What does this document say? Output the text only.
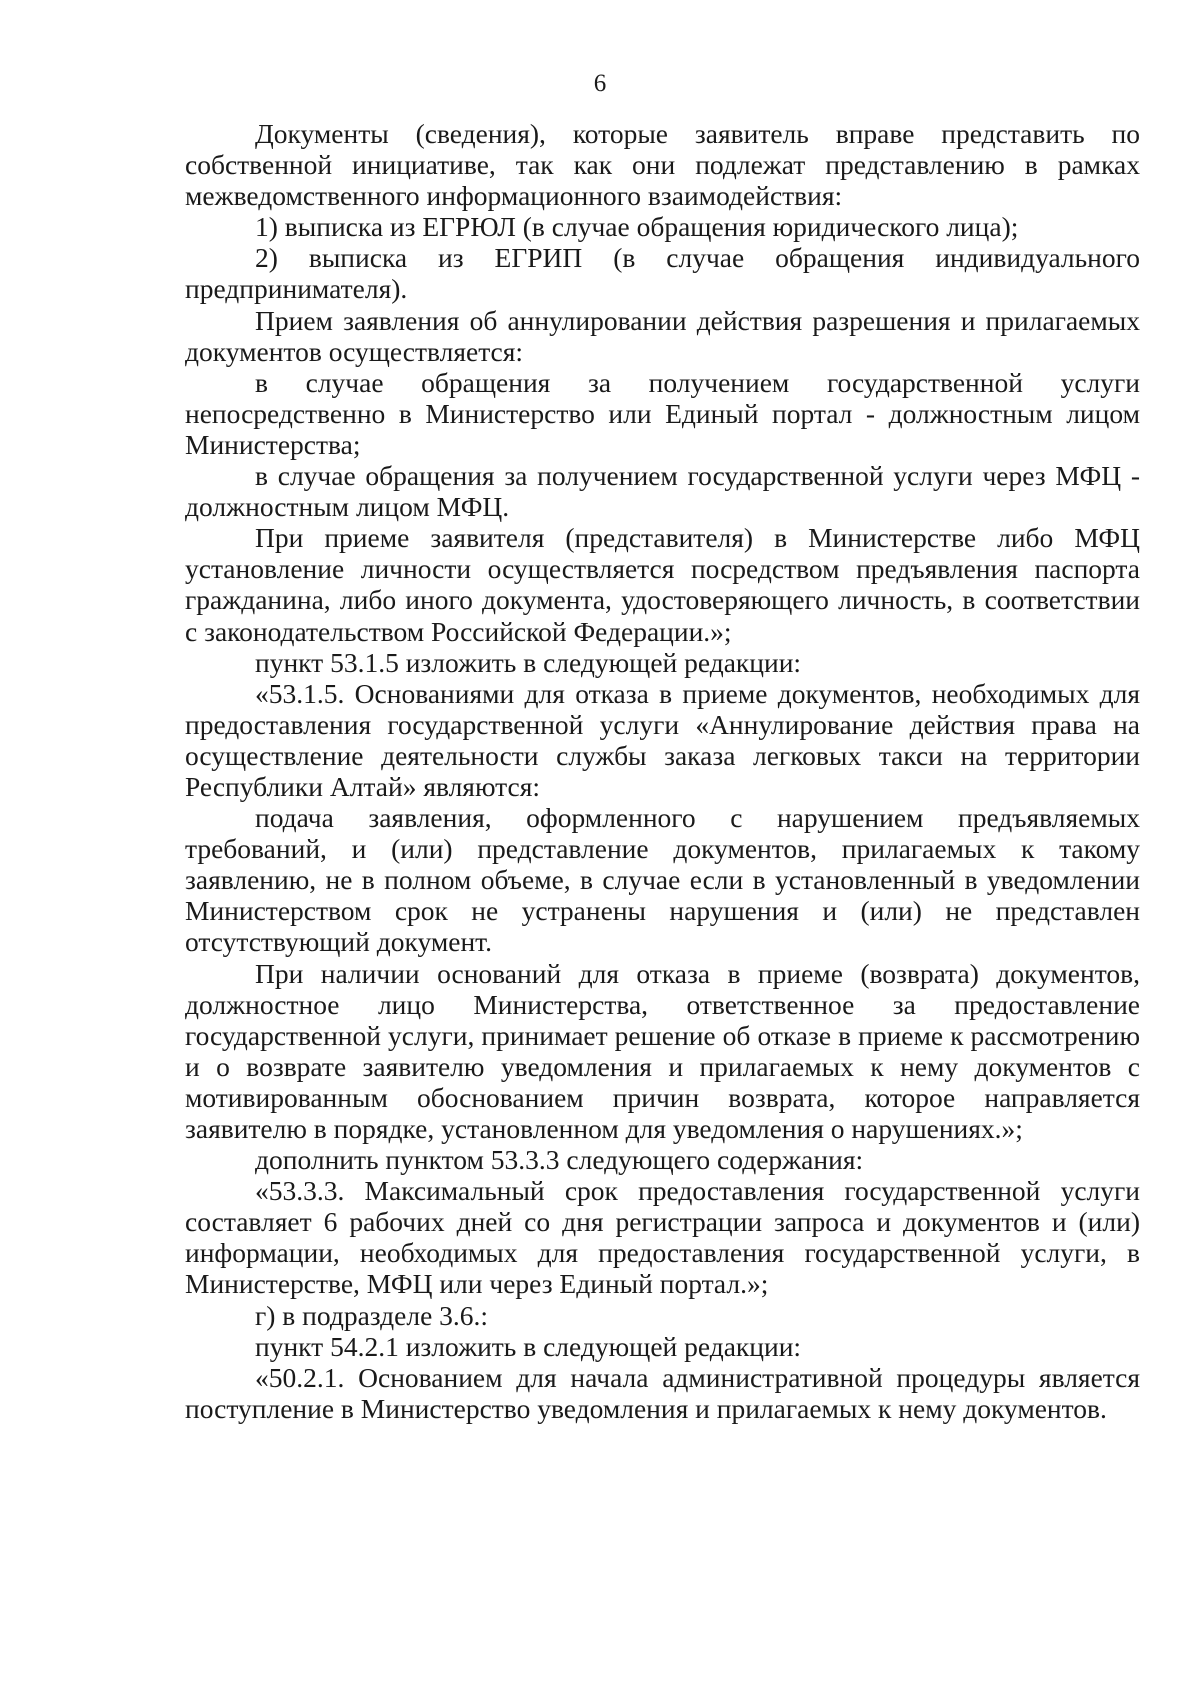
6

Документы (сведения), которые заявитель вправе представить по собственной инициативе, так как они подлежат представлению в рамках межведомственного информационного взаимодействия:

1) выписка из ЕГРЮЛ (в случае обращения юридического лица);

2) выписка из ЕГРИП (в случае обращения индивидуального предпринимателя).

Прием заявления об аннулировании действия разрешения и прилагаемых документов осуществляется:

в случае обращения за получением государственной услуги непосредственно в Министерство или Единый портал - должностным лицом Министерства;

в случае обращения за получением государственной услуги через МФЦ - должностным лицом МФЦ.

При приеме заявителя (представителя) в Министерстве либо МФЦ установление личности осуществляется посредством предъявления паспорта гражданина, либо иного документа, удостоверяющего личность, в соответствии с законодательством Российской Федерации.»;

пункт 53.1.5 изложить в следующей редакции:

«53.1.5. Основаниями для отказа в приеме документов, необходимых для предоставления государственной услуги «Аннулирование действия права на осуществление деятельности службы заказа легковых такси на территории Республики Алтай» являются:

подача заявления, оформленного с нарушением предъявляемых требований, и (или) представление документов, прилагаемых к такому заявлению, не в полном объеме, в случае если в установленный в уведомлении Министерством срок не устранены нарушения и (или) не представлен отсутствующий документ.

При наличии оснований для отказа в приеме (возврата) документов, должностное лицо Министерства, ответственное за предоставление государственной услуги, принимает решение об отказе в приеме к рассмотрению и о возврате заявителю уведомления и прилагаемых к нему документов с мотивированным обоснованием причин возврата, которое направляется заявителю в порядке, установленном для уведомления о нарушениях.»;

дополнить пунктом 53.3.3 следующего содержания:

«53.3.3. Максимальный срок предоставления государственной услуги составляет 6 рабочих дней со дня регистрации запроса и документов и (или) информации, необходимых для предоставления государственной услуги, в Министерстве, МФЦ или через Единый портал.»;

г) в подразделе 3.6.:

пункт 54.2.1 изложить в следующей редакции:

«50.2.1. Основанием для начала административной процедуры является поступление в Министерство уведомления и прилагаемых к нему документов.
